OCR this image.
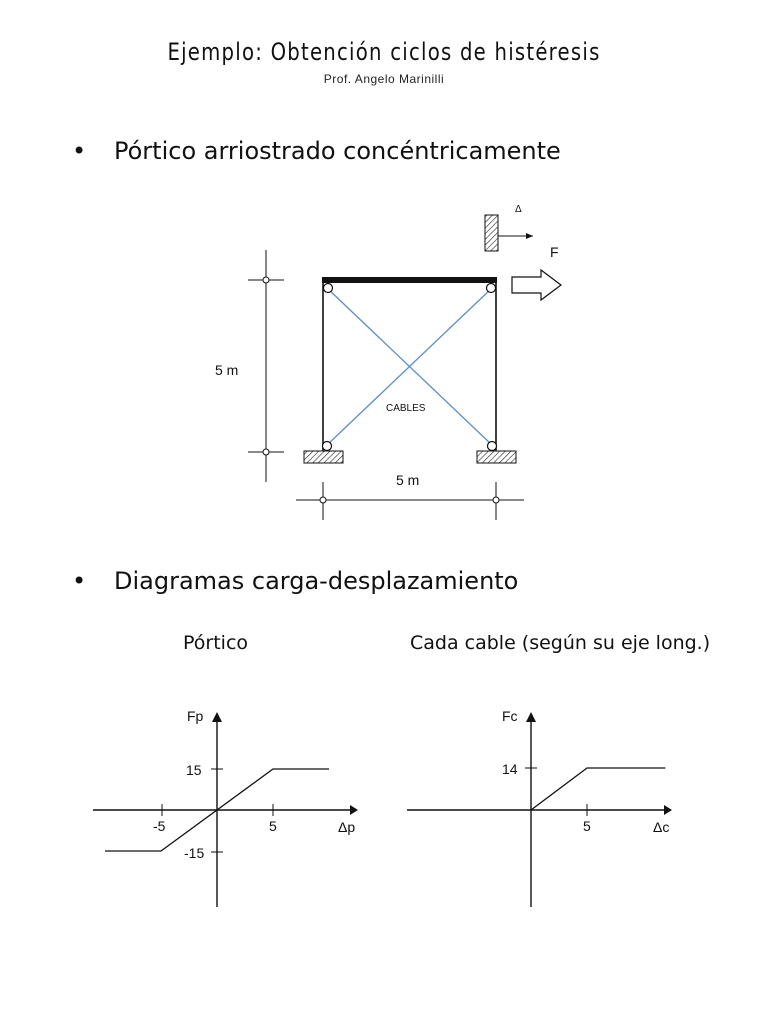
Ejemplo: Obtención ciclos de histéresis
Prof. Angelo Marinilli
• Pórtico arriostrado concéntricamente
• Diagramas carga-desplazamiento
Pórtico	Cada cable (según su eje long.)
5 m
5 m
CABLES
Δ
F
-5	5
15
-15
Fp
Δp	5
14
Fc
Δc
